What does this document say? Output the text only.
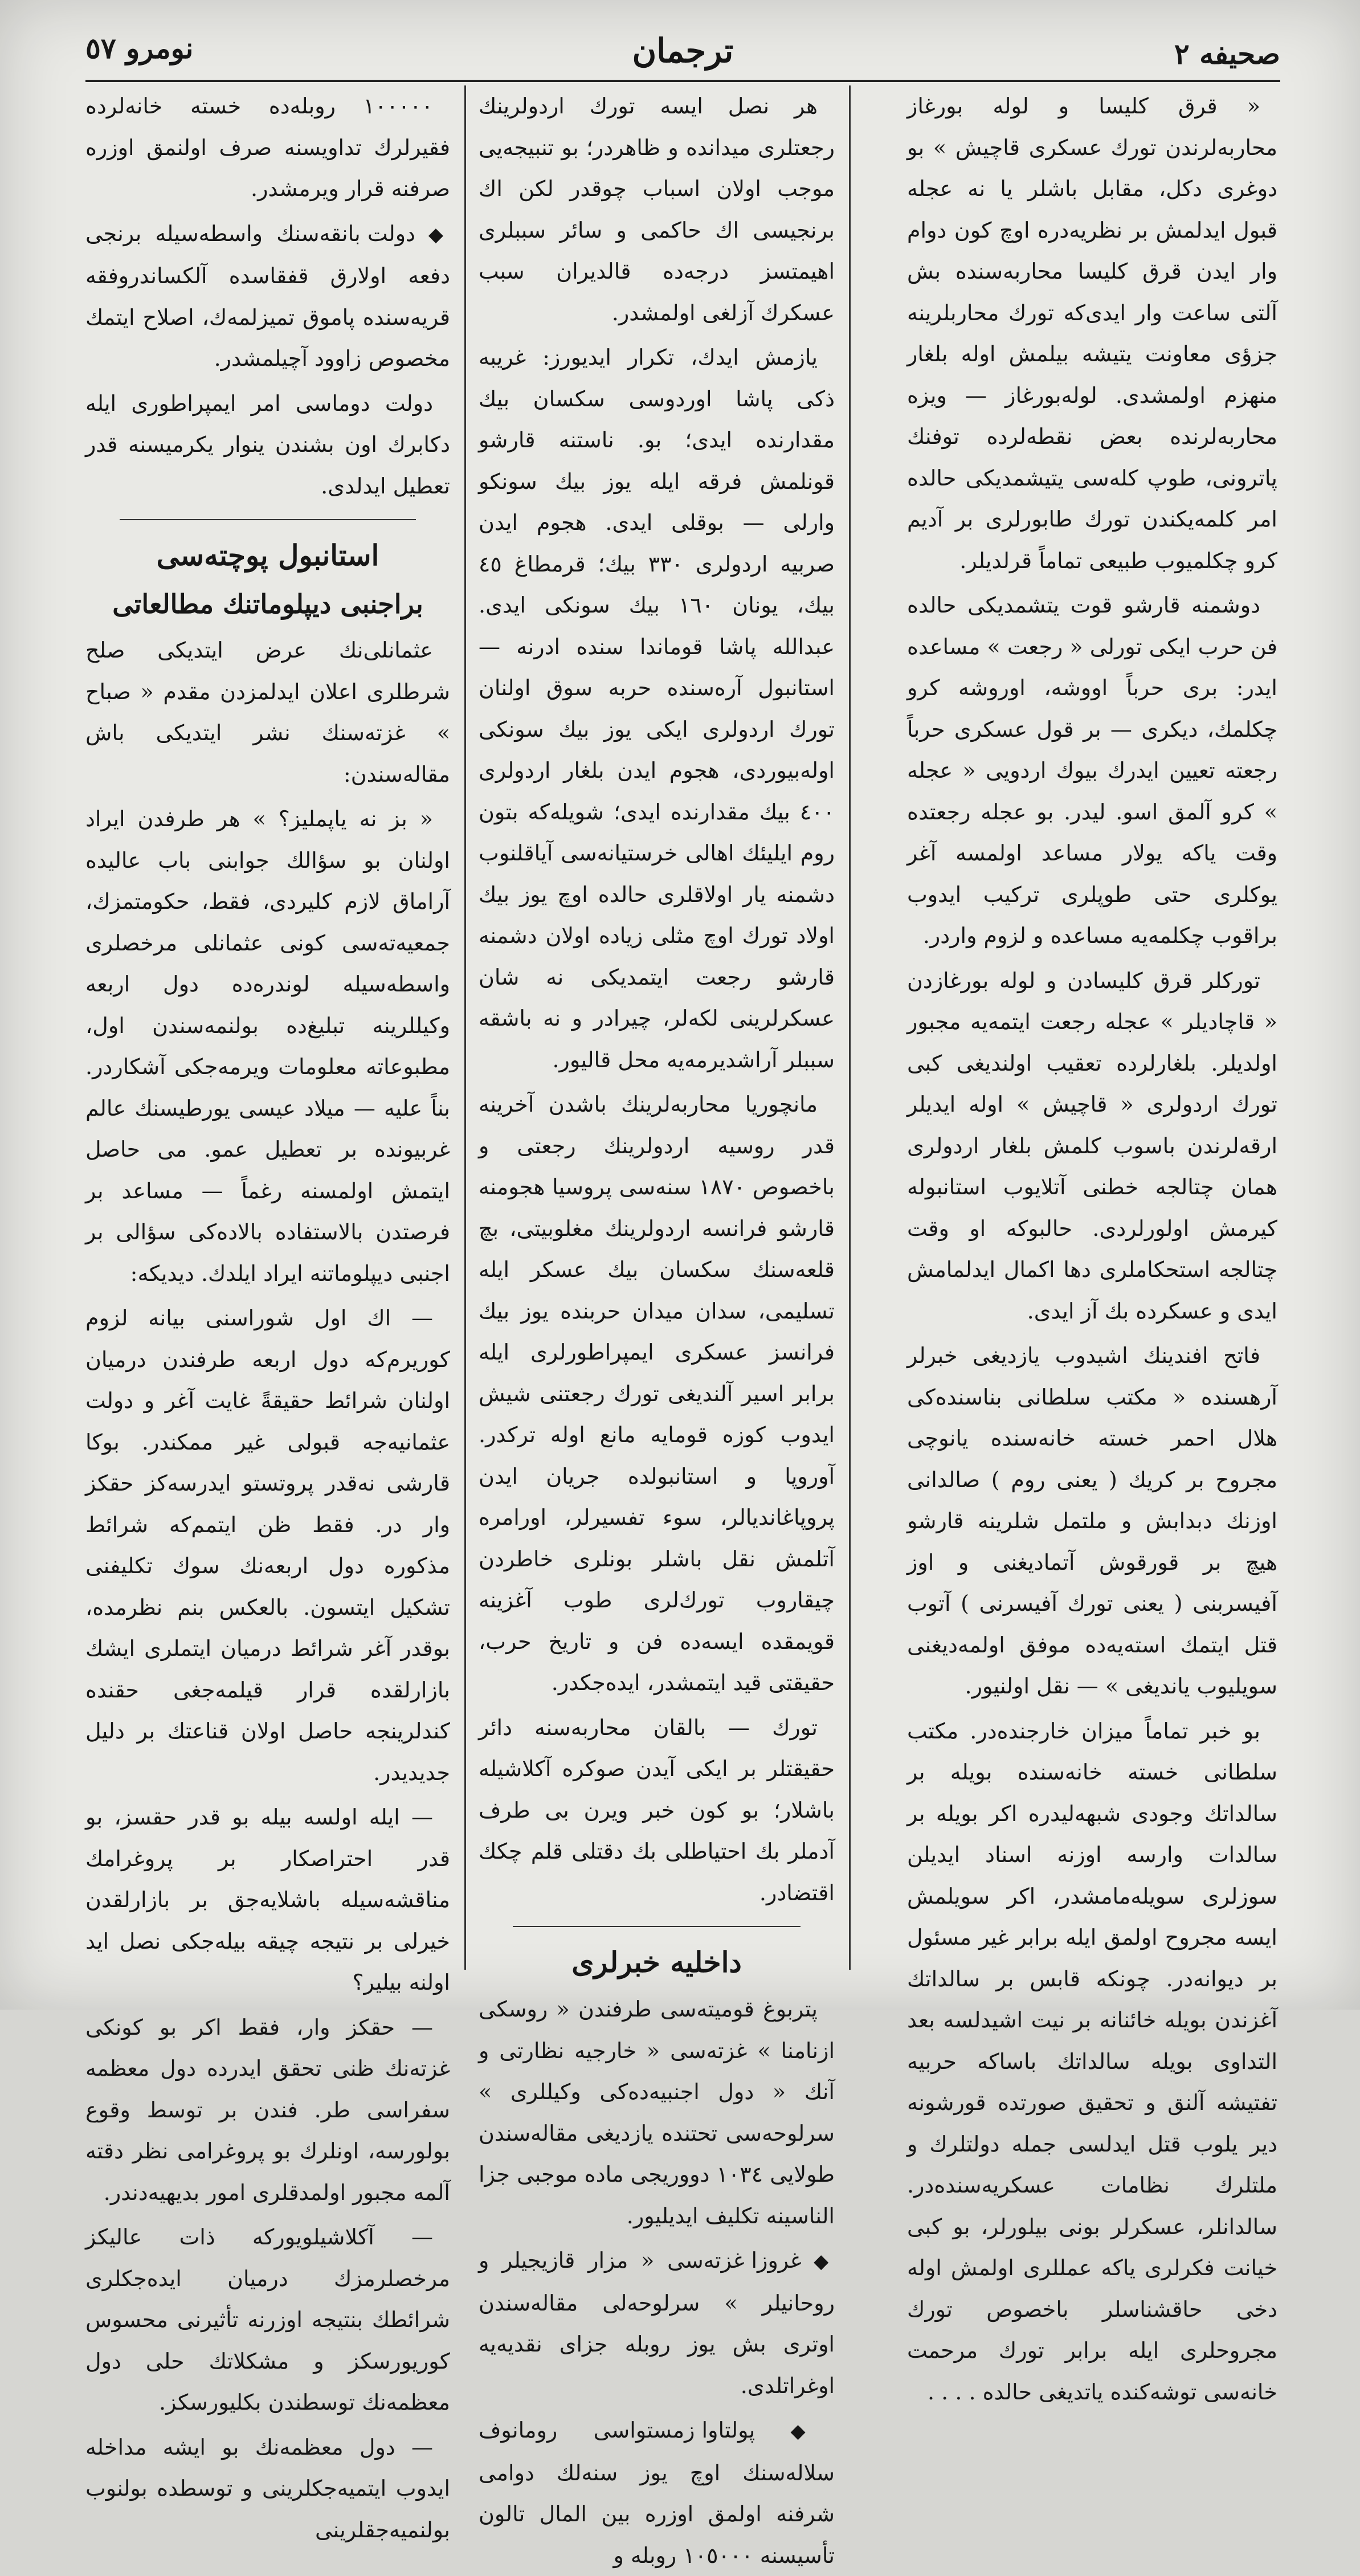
صحيفه ٢
ترجمان
نومرو ٥٧

« قرق كليسا و لوله بورغاز محاربه‌لرندن تورك عسكرى قاچيش » بو دوغرى دكل، مقابل باشلر يا نه عجله قبول ايدلمش بر نظريه‌دره اوچ كون دوام وار ايدن قرق كليسا محاربه‌سنده بش آلتى ساعت وار ايدى‌كه تورك محاربلرينه جزؤى معاونت يتيشه بيلمش اوله بلغار منهزم اولمشدى. لوله‌بورغاز — ويزه محاربه‌لرنده بعض نقطه‌لرده توفنك پاترونى، طوپ كله‌سى يتيشمديكى حالده امر كلمه‌يكندن تورك طابورلرى بر آديم كرو چكلميوب طبيعى تماماً قرلديلر.

دوشمنه قارشو قوت يتشمديكى حالده فن حرب ايكى تورلى « رجعت » مساعده ايدر: برى حرباً اووشه، اوروشه كرو چكلمك، ديكرى — بر قول عسكرى حرباً رجعته تعيين ايدرك بيوك اردويى « عجله » كرو آلمق اسو. ليدر. بو عجله رجعتده وقت ياكه يولار مساعد اولمسه آغر يوكلرى حتى طوپلرى تركيب ايدوب براقوب چكلمه‌يه مساعده و لزوم واردر.

توركلر قرق كليسادن و لوله بورغازدن « قاچاديلر » عجله رجعت ايتمه‌يه مجبور اولديلر. بلغارلرده تعقيب اولنديغى كبى تورك اردولرى « قاچيش » اوله ايديلر ارقه‌لرندن باسوب كلمش بلغار اردولرى همان چتالجه خطنى آتلايوب استانبوله كيرمش اولورلردى. حالبوكه او وقت چتالجه استحكاملرى دها اكمال ايدلمامش ايدى و عسكرده بك آز ايدى.

فاتح افندينك اشيدوب يازديغى خبرلر آرهسنده « مكتب سلطانى بناسنده‌كى هلال احمر خسته خانه‌سنده يانوچى مجروح بر كريك ( يعنى روم ) صالدانى اوزنك دبدابش و ملتمل شلرينه قارشو هيچ بر قورقوش آتماديغنى و اوز آفيسربنى ( يعنى تورك آفيسرنى ) آتوب قتل ايتمك استه‌يه‌ده موفق اولمه‌ديغنى سويليوب يانديغى » — نقل اولنيور.

بو خبر تماماً ميزان خارجنده‌در. مكتب سلطانى خسته خانه‌سنده بويله بر سالداتك وجودى شبهه‌ليدره اكر بويله بر سالدات وارسه اوزنه اسناد ايديلن سوزلرى سويله‌مامشدر، اكر سويلمش ايسه مجروح اولمق ايله برابر غير مسئول بر ديوانه‌در. چونكه قابس بر سالداتك آغزندن بويله خائنانه بر نيت اشيدلسه بعد التداوى بويله سالداتك باساكه حربيه تفتيشه آلنق و تحقيق صورتده قورشونه دير يلوب قتل ايدلسى جمله دولتلرك و ملتلرك نظامات عسكريه‌سنده‌در. سالدانلر، عسكرلر بونى بيلورلر، بو كبى خيانت فكرلرى ياكه عمللرى اولمش اوله دخى حاقشناسلر باخصوص تورك مجروحلرى ايله برابر تورك مرحمت خانه‌سى توشه‌كنده ياتديغى حالده . . . .

هر نصل ايسه تورك اردولرينك رجعتلرى ميدانده و ظاهردر؛ بو تنبيجه‌يى موجب اولان اسباب چوقدر لكن اك برنجيسى اك حاكمى و سائر سببلرى اهيمتسز درجه‌ده قالديران سبب عسكرك آزلغى اولمشدر.

يازمش ايدك، تكرار ايديورز: غريبه ذكى پاشا اوردوسى سكسان بيك مقدارنده ايدى؛ بو. ناستنه قارشو قونلمش فرقه ايله يوز بيك سونكو وارلى — بوقلى ايدى. هجوم ايدن صربيه اردولرى ٣٣٠ بيك؛ قرمطاغ ٤٥ بيك، يونان ١٦٠ بيك سونكى ايدى. عبدالله پاشا قوماندا سنده ادرنه — استانبول آره‌سنده حربه سوق اولنان تورك اردولرى ايكى يوز بيك سونكى اوله‌بيوردى، هجوم ايدن بلغار اردولرى ٤٠٠ بيك مقدارنده ايدى؛ شويله‌كه بتون روم ايليئك اهالى خرستيانه‌سى آياقلنوب دشمنه يار اولاقلرى حالده اوچ يوز بيك اولاد تورك اوچ مثلى زياده اولان دشمنه قارشو رجعت ايتمديكى نه شان عسكرلرينى لكه‌لر، چيرادر و نه باشقه سببلر آراشديرمه‌يه محل قاليور.

مانچوريا محاربه‌لرينك باشدن آخرينه قدر روسيه اردولرينك رجعتى و باخصوص ١٨٧٠ سنه‌سى پروسيا هجومنه قارشو فرانسه اردولرينك مغلوبيتى، بچ قلعه‌سنك سكسان بيك عسكر ايله تسليمى، سدان ميدان حربنده يوز بيك فرانسز عسكرى ايمپراطورلرى ايله برابر اسير آلنديغى تورك رجعتنى شيش ايدوب كوزه قومايه مانع اوله تركدر. آوروپا و استانبولده جريان ايدن پروپاغانديالر، سوء تفسيرلر، اورامره آتلمش نقل باشلر بونلرى خاطردن چيقاروب تورك‌لرى طوب آغزينه قويمقده ايسه‌ده فن و تاريخ حرب، حقيقتى قيد ايتمشدر، ايده‌جكدر.

تورك — بالقان محاربه‌سنه دائر حقيقتلر بر ايكى آيدن صوكره آكلاشيله باشلار؛ بو كون خبر ويرن بى طرف آدملر بك احتياطلى بك دقتلى قلم چكك اقتضادر.

داخليه خبرلرى

پتربوغ قوميته‌سى طرفندن « روسكى ازنامنا » غزته‌سى « خارجيه نظارتى و آنك « دول اجنبيه‌ده‌كى وكيللرى » سرلوحه‌سى تحتنده يازديغى مقاله‌سندن طولايى ١٠٣٤ دووريجى ماده موجبى جزا الناسينه تكليف ايديليور.

◆ غروزا غزته‌سى « مزار قازيجيلر و روحانيلر » سرلوحه‌لى مقاله‌سندن اوترى بش يوز روبله جزاى نقديه‌يه اوغراتلدى.

◆ پولتاوا زمستواسى رومانوف سلاله‌سنك اوچ يوز سنه‌لك دوامى شرفنه اولمق اوزره بين المال تالون تأسيسنه ١٠٥٠٠٠ روبله و

١٠٠٠٠٠ روبله‌ده خسته خانه‌لرده فقيرلرك تداويسنه صرف اولنمق اوزره صرفنه قرار ويرمشدر.

◆ دولت بانقه‌سنك واسطه‌سيله برنجى دفعه اولارق قفقاسده آلكساندروفقه قريه‌سنده پاموق تميزلمه‌ك، اصلاح ايتمك مخصوص زاوود آچيلمشدر.

دولت دوماسى امر ايمپراطورى ايله دكابرك اون بشندن ينوار يكرميسنه قدر تعطيل ايدلدى.

استانبول پوچته‌سى

براجنبى ديپلوماتنك مطالعاتى

عثمانلى‌نك عرض ايتديكى صلح شرطلرى اعلان ايدلمزدن مقدم « صباح » غزته‌سنك نشر ايتديكى باش مقاله‌سندن:

« بز نه ياپمليز؟ » هر طرفدن ايراد اولنان بو سؤالك جوابنى باب عاليده آراماق لازم كليردى، فقط، حكومتمزك، جمعيه‌ته‌سى كونى عثمانلى مرخصلرى واسطه‌سيله لوندره‌ده دول اربعه وكيللرينه تبليغ‌ده بولنمه‌سندن اول، مطبوعاته معلومات ويرمه‌جكى آشكاردر. بناً عليه — ميلاد عيسى يورطيسنك عالم غربيونده بر تعطيل عمو. مى حاصل ايتمش اولمسنه رغماً — مساعد بر فرصتدن بالاستفاده بالاده‌كى سؤالى بر اجنبى ديپلوماتنه ايراد ايلدك. ديديكه:

— اك اول شوراسنى بيانه لزوم كوريرم‌كه دول اربعه طرفندن درميان اولنان شرائط حقيقةً غايت آغر و دولت عثمانيه‌جه قبولى غير ممكندر. بوكا قارشى نه‌قدر پروتستو ايدرسه‌كز حقكز وار در. فقط ظن ايتمم‌كه شرائط مذكوره دول اربعه‌نك سوك تكليفنى تشكيل ايتسون. بالعكس بنم نظرمده، بوقدر آغر شرائط درميان ايتملرى ايشك بازارلقده قرار قيلمه‌جغى حقنده كندلرينجه حاصل اولان قناعتك بر دليل جديديدر.

— ايله اولسه بيله بو قدر حقسز، بو قدر احتراصكار بر پروغرامك مناقشه‌سيله باشلايه‌جق بر بازارلقدن خيرلى بر نتيجه چيقه بيله‌جكى نصل ايد اولنه بيلير؟

— حقكز وار، فقط اكر بو كونكى غزته‌نك ظنى تحقق ايدرده دول معظمه سفراسى طر. فندن بر توسط وقوع بولورسه، اونلرك بو پروغرامى نظر دقته آلمه مجبور اولمدقلرى امور بديهيه‌دندر.

— آكلاشيلويوركه ذات عاليكز مرخصلرمزك درميان ايده‌جكلرى شرائطك بنتيجه اوزرنه تأثيرنى محسوس كوريورسكز و مشكلاتك حلى دول معظمه‌نك توسطندن بكليورسكز.

— دول معظمه‌نك بو ايشه مداخله ايدوب ايتميه‌جكلرينى و توسطده بولنوب بولنميه‌جقلرينى
